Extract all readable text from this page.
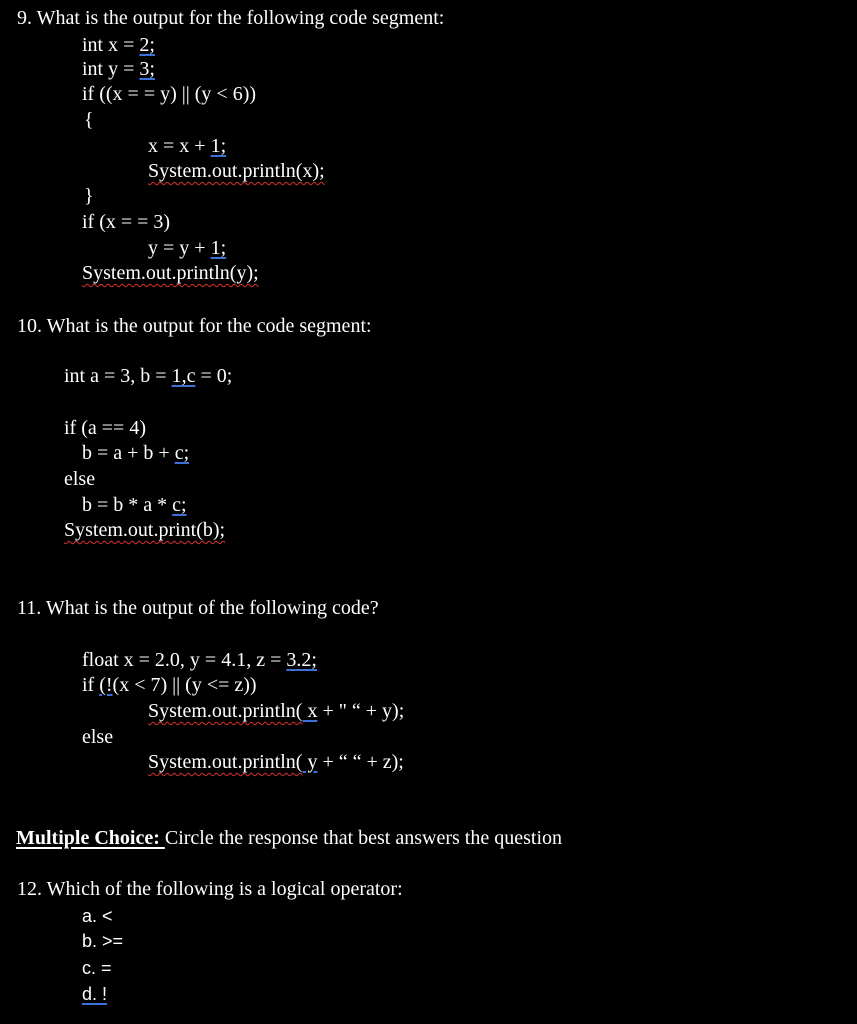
9. What is the output for the following code segment:
int x = 2;
int y = 3;
if ((x = = y) || (y < 6))
{
x = x + 1;
System.out.println(x);
}
if (x = = 3)
y = y + 1;
System.out.println(y);
10. What is the output for the code segment:
int a = 3, b = 1,c = 0;
if (a == 4)
b = a + b + c;
else
b = b * a * c;
System.out.print(b);
11. What is the output of the following code?
float x = 2.0, y = 4.1, z = 3.2;
if (!(x < 7) || (y <= z))
System.out.println( x + " “ + y);
else
System.out.println( y + “ “ + z);
Multiple Choice: Circle the response that best answers the question
12. Which of the following is a logical operator:
a. <
b. >=
c. =
d. !
